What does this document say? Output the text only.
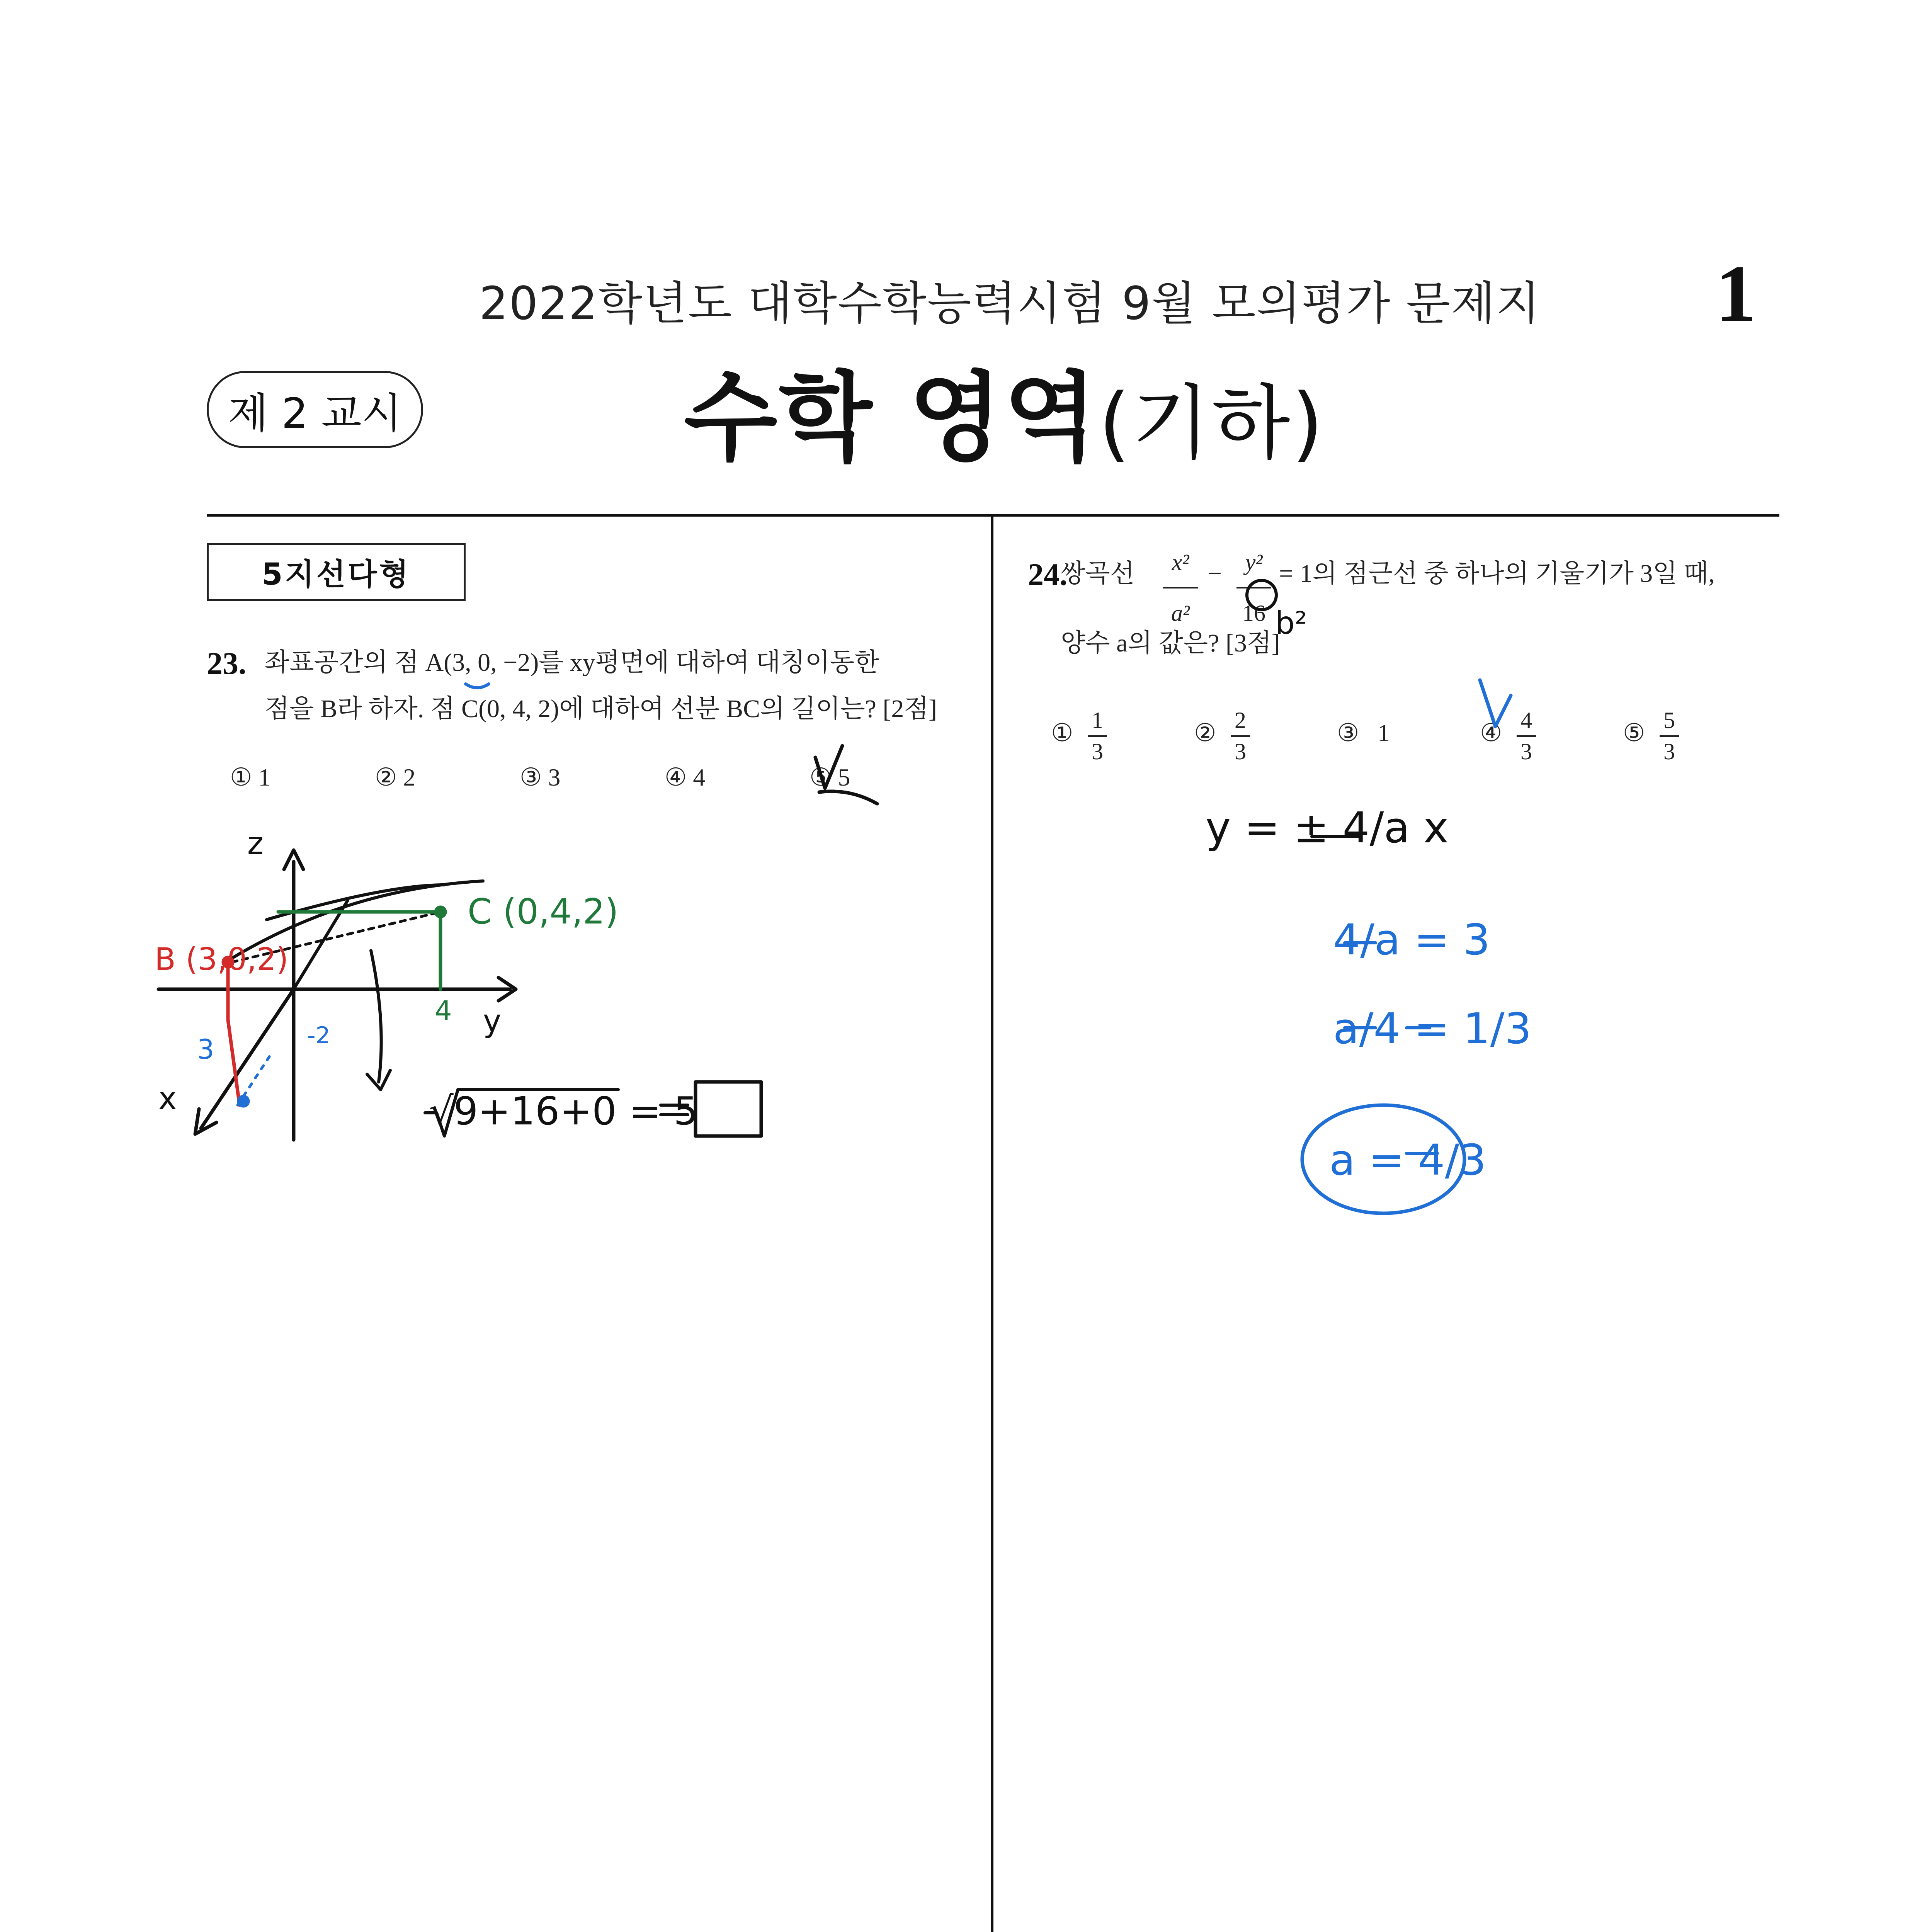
2022학년도 대학수학능력시험 9월 모의평가 문제지 1
제 2 교시	수학 영역(기하)
5지선다형
23. 좌표공간의 점 A(3, 0, −2)를 xy평면에 대하여 대칭이동한
점을 B라 하자. 점 C(0, 4, 2)에 대하여 선분 BC의 길이는? [2점]
① 1	② 2	③ 3	④ 4	⑤ 5
24.
쌍곡선	x²
a²
−	y²
16
= 1의 점근선 중 하나의 기울기가 3일 때,
양수 a의 값은? [3점]
① 1
3
② 2
3
③ 1	④ 4
3
⑤ 5
3
z
y
x
C (0,4,2)
B (3,0,2)
4
3	-2
√9+16+0 = 5
b²
y = ± 4/a x
4/a = 3
a/4 = 1/3
a = 4/3
